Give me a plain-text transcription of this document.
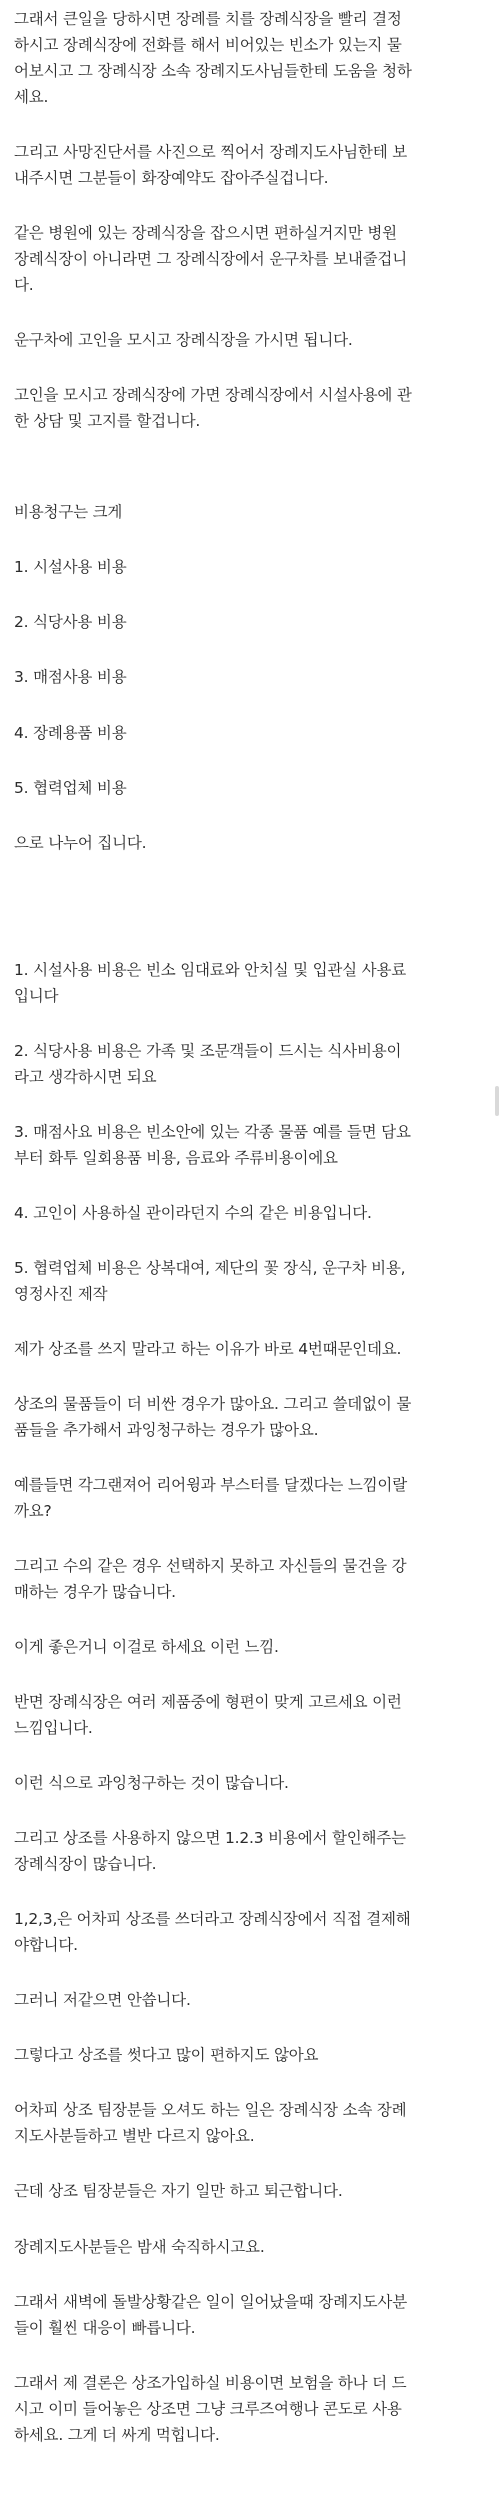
그래서 큰일을 당하시면 장례를 치를 장례식장을 빨리 결정
하시고 장례식장에 전화를 해서 비어있는 빈소가 있는지 물
어보시고 그 장례식장 소속 장례지도사님들한테 도움을 청하
세요.

그리고 사망진단서를 사진으로 찍어서 장례지도사님한테 보
내주시면 그분들이 화장예약도 잡아주실겁니다.

같은 병원에 있는 장례식장을 잡으시면 편하실거지만 병원
장례식장이 아니라면 그 장례식장에서 운구차를 보내줄겁니
다.

운구차에 고인을 모시고 장례식장을 가시면 됩니다.

고인을 모시고 장례식장에 가면 장례식장에서 시설사용에 관
한 상담 및 고지를 할겁니다.

비용청구는 크게

1. 시설사용 비용

2. 식당사용 비용

3. 매점사용 비용

4. 장례용품 비용

5. 협력업체 비용

으로 나누어 집니다.

1. 시설사용 비용은 빈소 임대료와 안치실 및 입관실 사용료
입니다

2. 식당사용 비용은 가족 및 조문객들이 드시는 식사비용이
라고 생각하시면 되요

3. 매점사요 비용은 빈소안에 있는 각종 물품 예를 들면 담요
부터 화투 일회용품 비용, 음료와 주류비용이에요

4. 고인이 사용하실 관이라던지 수의 같은 비용입니다.

5. 협력업체 비용은 상복대여, 제단의 꽃 장식, 운구차 비용,
영정사진 제작

제가 상조를 쓰지 말라고 하는 이유가 바로 4번때문인데요.

상조의 물품들이 더 비싼 경우가 많아요. 그리고 쓸데없이 물
품들을 추가해서 과잉청구하는 경우가 많아요.

예를들면 각그랜져어 리어윙과 부스터를 달겠다는 느낌이랄
까요?

그리고 수의 같은 경우 선택하지 못하고 자신들의 물건을 강
매하는 경우가 많습니다.

이게 좋은거니 이걸로 하세요 이런 느낌.

반면 장례식장은 여러 제품중에 형편이 맞게 고르세요 이런
느낌입니다.

이런 식으로 과잉청구하는 것이 많습니다.

그리고 상조를 사용하지 않으면 1.2.3 비용에서 할인해주는
장례식장이 많습니다.

1,2,3,은 어차피 상조를 쓰더라고 장례식장에서 직접 결제해
야합니다.

그러니 저같으면 안씁니다.

그렇다고 상조를 썻다고 많이 편하지도 않아요

어차피 상조 팀장분들 오셔도 하는 일은 장례식장 소속 장례
지도사분들하고 별반 다르지 않아요.

근데 상조 팀장분들은 자기 일만 하고 퇴근합니다.

장례지도사분들은 밤새 숙직하시고요.

그래서 새벽에 돌발상황같은 일이 일어났을때 장례지도사분
들이 훨씬 대응이 빠릅니다.

그래서 제 결론은 상조가입하실 비용이면 보험을 하나 더 드
시고 이미 들어놓은 상조면 그냥 크루즈여행나 콘도로 사용
하세요. 그게 더 싸게 먹힙니다.
